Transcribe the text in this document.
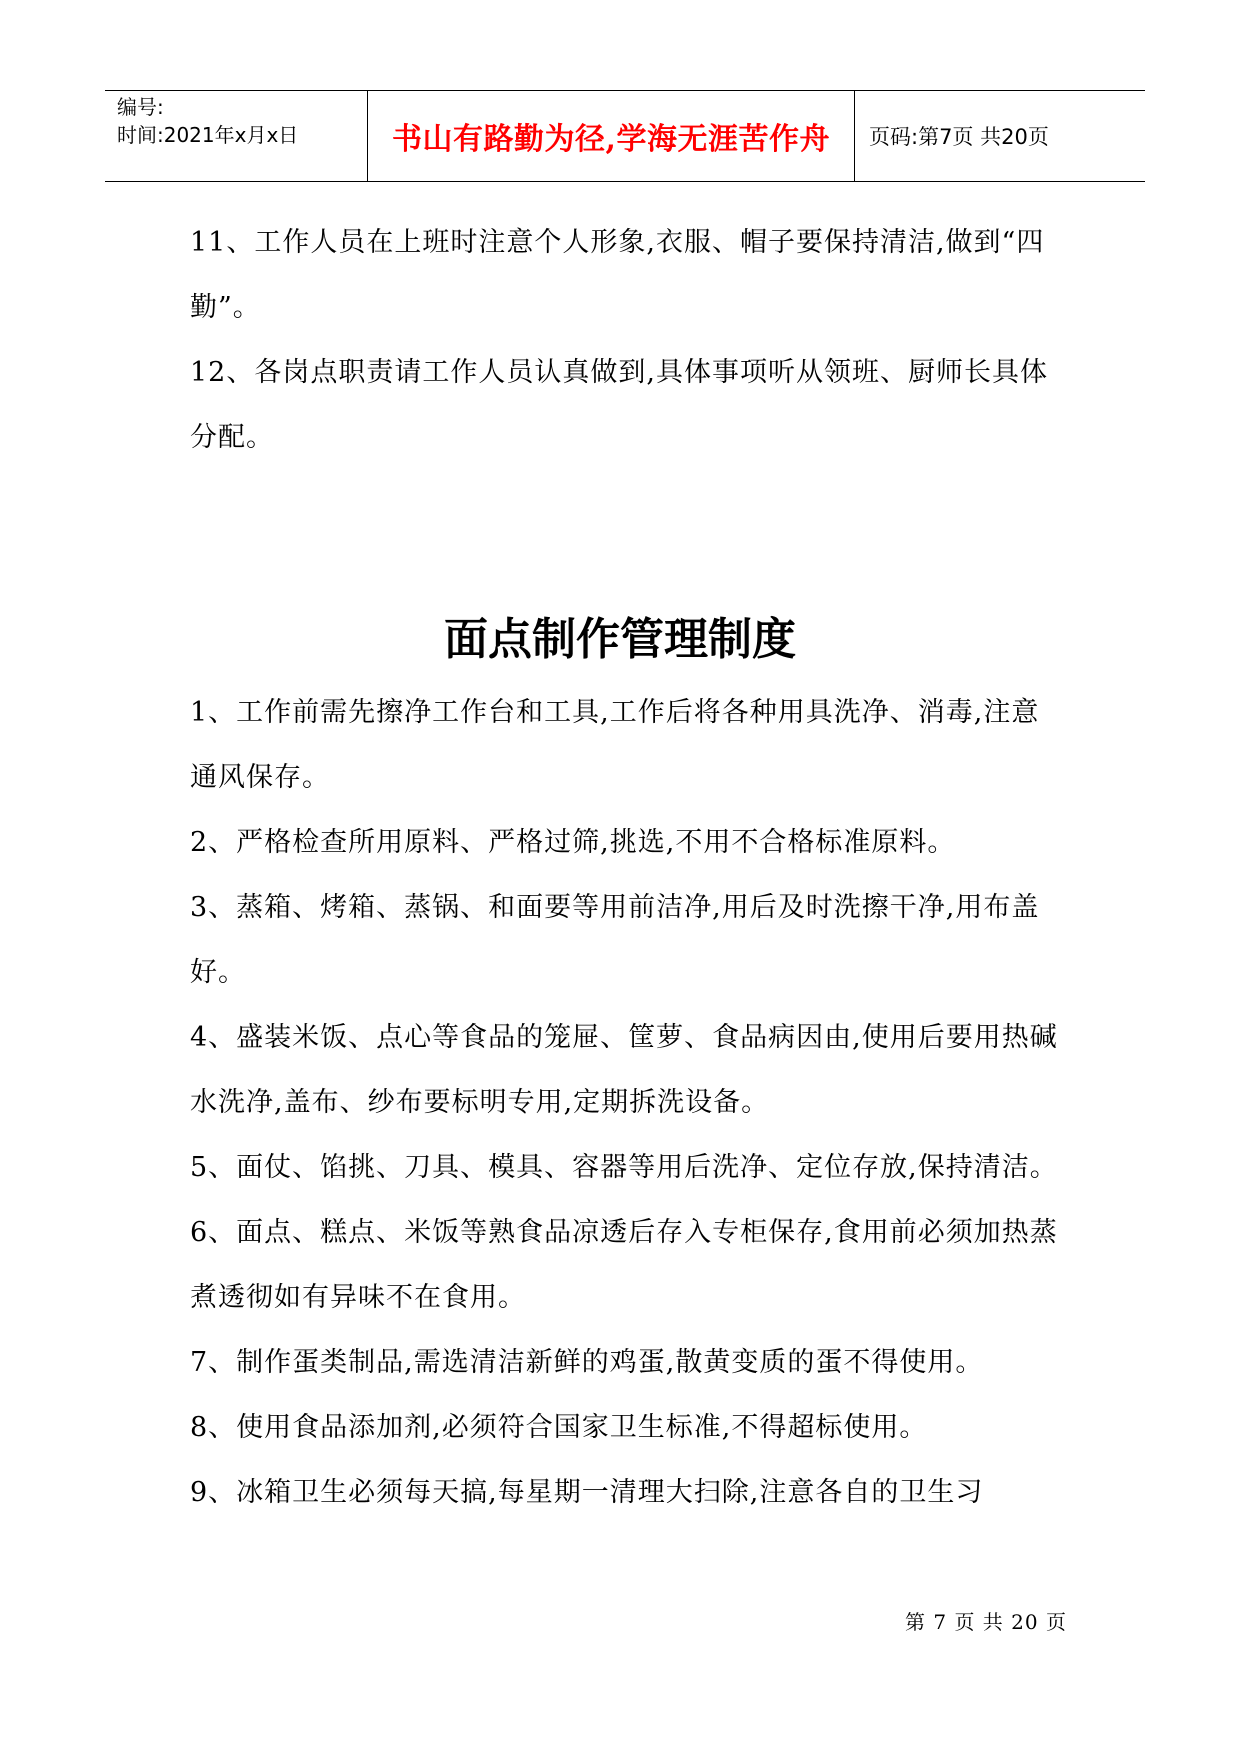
编号:
时间:2021年x月x日	书山有路勤为径,学海无涯苦作舟	页码:第7页 共20页

11、工作人员在上班时注意个人形象,衣服、帽子要保持清洁,做到“四勤”。

12、各岗点职责请工作人员认真做到,具体事项听从领班、厨师长具体分配。

面点制作管理制度

1、工作前需先擦净工作台和工具,工作后将各种用具洗净、消毒,注意通风保存。

2、严格检查所用原料、严格过筛,挑选,不用不合格标准原料。

3、蒸箱、烤箱、蒸锅、和面要等用前洁净,用后及时洗擦干净,用布盖好。

4、盛装米饭、点心等食品的笼屉、筐萝、食品病因由,使用后要用热碱水洗净,盖布、纱布要标明专用,定期拆洗设备。

5、面仗、馅挑、刀具、模具、容器等用后洗净、定位存放,保持清洁。

6、面点、糕点、米饭等熟食品凉透后存入专柜保存,食用前必须加热蒸煮透彻如有异味不在食用。

7、制作蛋类制品,需选清洁新鲜的鸡蛋,散黄变质的蛋不得使用。

8、使用食品添加剂,必须符合国家卫生标准,不得超标使用。

9、冰箱卫生必须每天搞,每星期一清理大扫除,注意各自的卫生习

第 7 页 共 20 页
